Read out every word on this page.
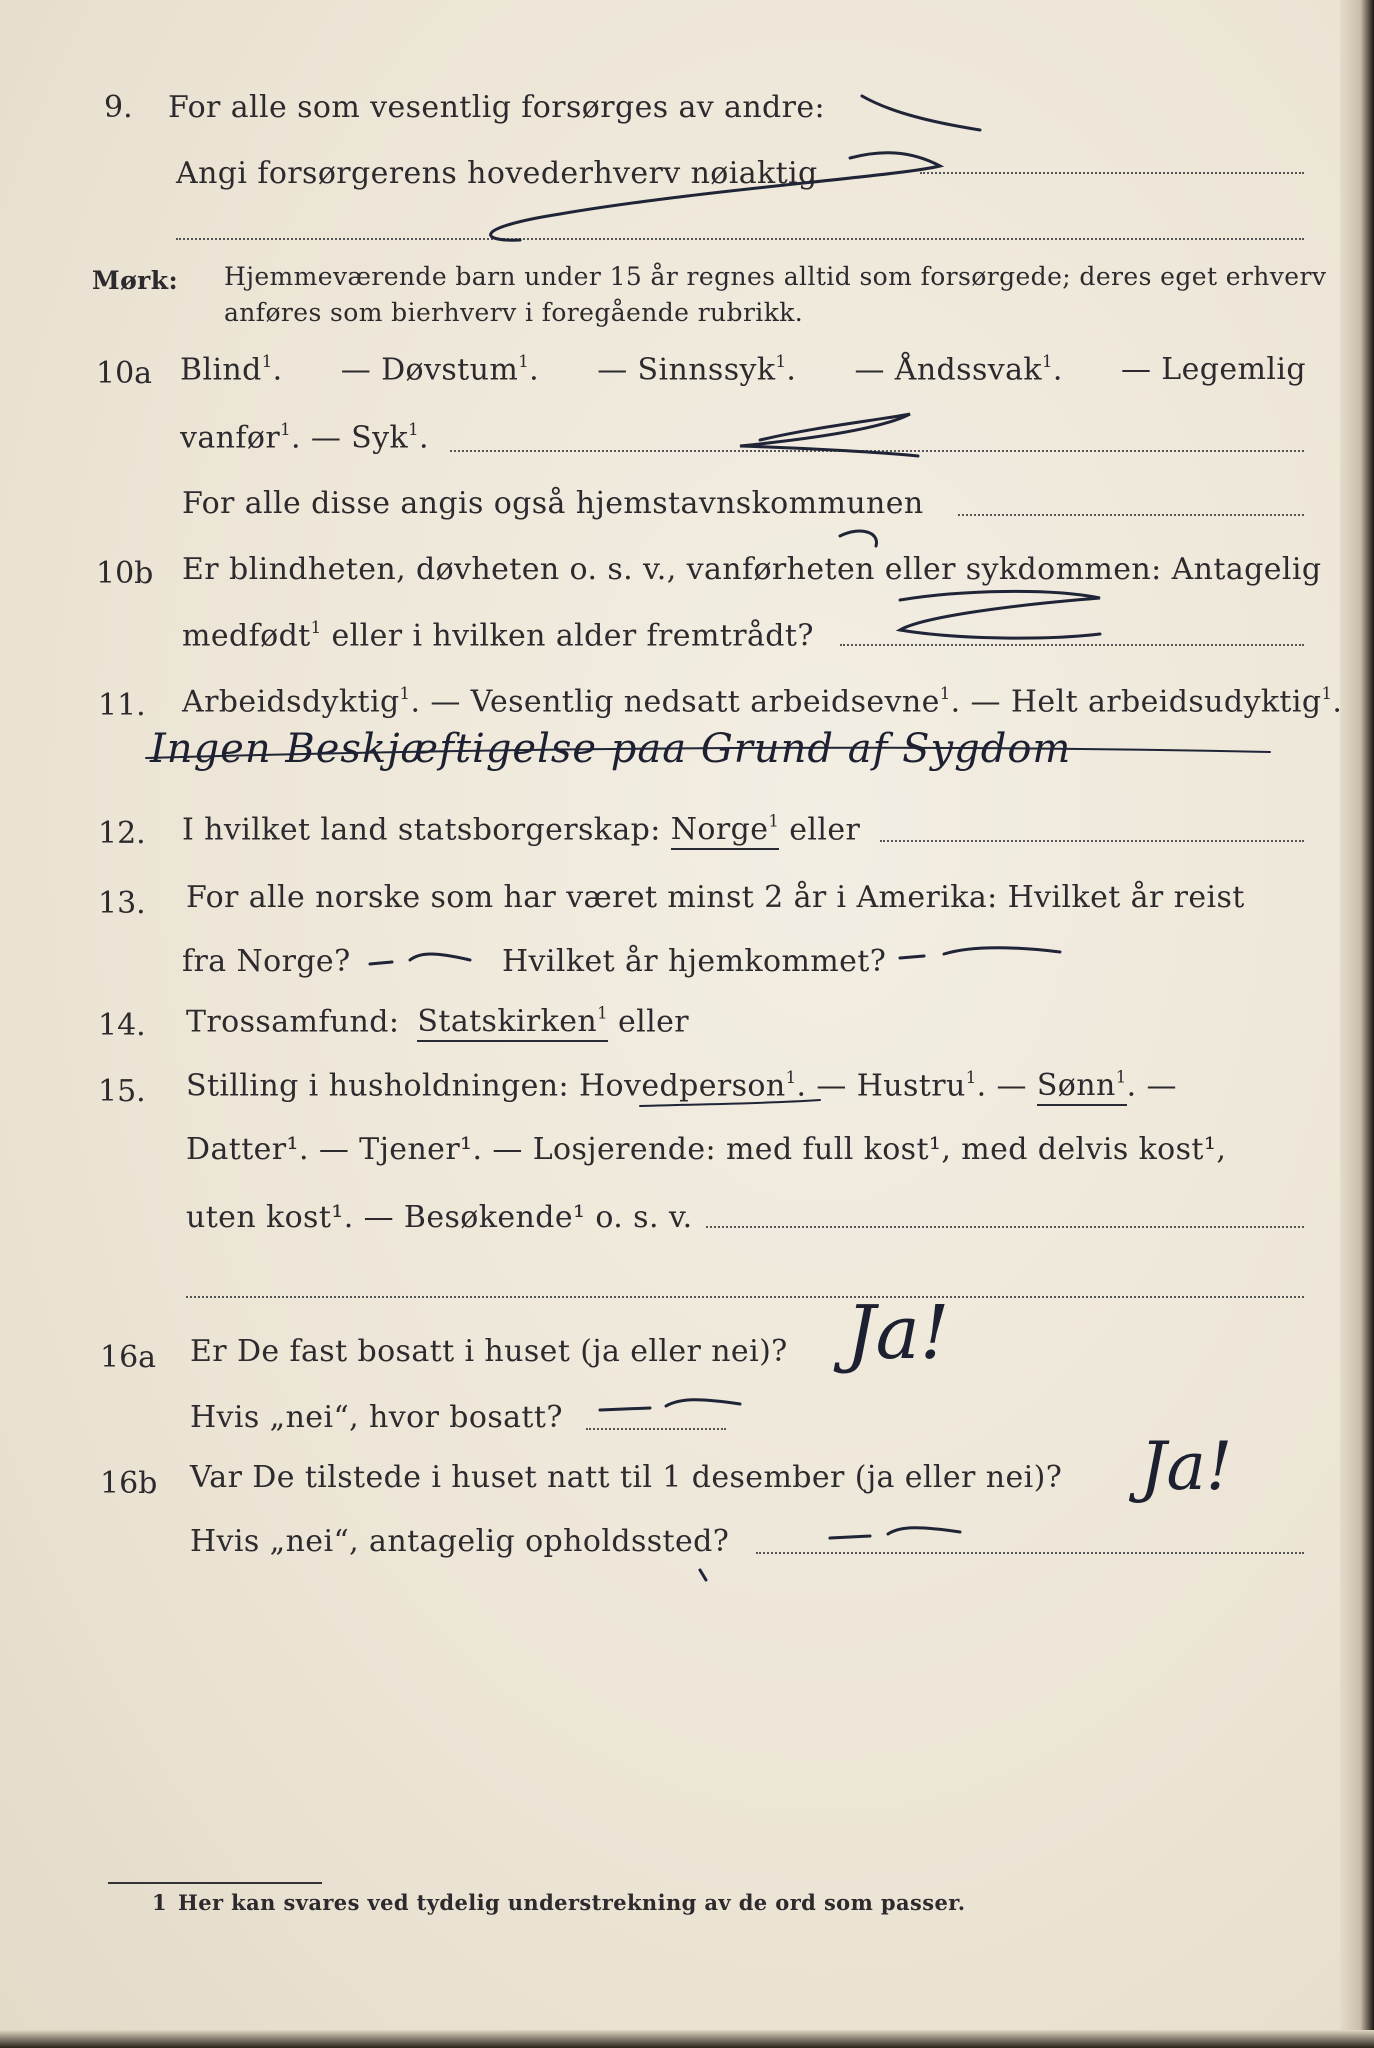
9. For alle som vesentlig forsørges av andre:
Angi forsørgerens hovederhverv nøiaktig
Mørk: Hjemmeværende barn under 15 år regnes alltid som forsørgede; deres eget erhverv
anføres som bierhverv i foregående rubrikk.
10a Blind$^1$. — Døvstum$^1$. — Sinnssyk$^1$. — Åndssvak$^1$. — Legemlig
vanfør$^1$. — Syk$^1$.
For alle disse angis også hjemstavnskommunen
10b Er blindheten, døvheten o. s. v., vanførheten eller sykdommen: Antagelig
medfødt$^1$ eller i hvilken alder fremtrådt?
11. Arbeidsdyktig$^1$. — Vesentlig nedsatt arbeidsevne$^1$. — Helt arbeidsudyktig$^1$.
Ingen Beskjæftigelse paa Grund af Sygdom
12. I hvilket land statsborgerskap: Norge$^1$ eller
13. For alle norske som har været minst 2 år i Amerika: Hvilket år reist
fra Norge?	Hvilket år hjemkommet?
14. Trossamfund: Statskirken$^1$ eller
15. Stilling i husholdningen: Hovedperson$^1$. — Hustru$^1$. — Sønn$^1$. —
Datter¹. — Tjener¹. — Losjerende: med full kost¹, med delvis kost¹,
uten kost¹. — Besøkende¹ o. s. v.
16a Er De fast bosatt i huset (ja eller nei)? Ja!
Hvis „nei“, hvor bosatt?
16b Var De tilstede i huset natt til 1 desember (ja eller nei)? Ja!
Hvis „nei“, antagelig opholdssted?
1 Her kan svares ved tydelig understrekning av de ord som passer.
